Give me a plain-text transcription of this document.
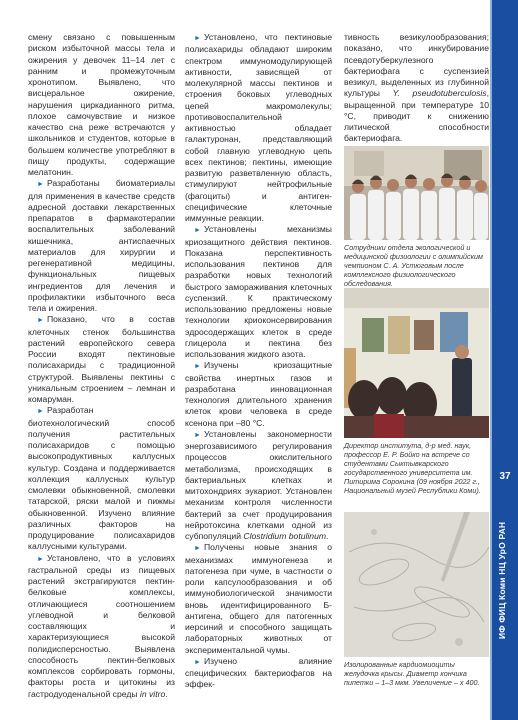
смену связано с повышенным риском избыточной массы тела и ожирения у девочек 11–14 лет с ранним и промежуточным хронотипом. Выявлено, что висцеральное ожирение, нарушения циркадианного ритма, плохое самочувствие и низкое качество сна реже встречаются у школьников и студентов, которые в большем количестве употребляют в пищу продукты, содержащие мелатонин.

► Разработаны биоматериалы для применения в качестве средств адресной доставки лекарственных препаратов в фармакотерапии воспалительных заболеваний кишечника, антиспаечных материалов для хирургии и регенеративной медицины, функциональных пищевых ингредиентов для лечения и профилактики избыточного веса тела и ожирения.

► Показано, что в состав клеточных стенок большинства растений европейского севера России входят пектиновые полисахариды с традиционной структурой. Выявлены пектины с уникальным строением – лемнан и комаруман.

► Разработан биотехнологический способ получения растительных полисахаридов с помощью высокопродуктивных каллусных культур. Создана и поддерживается коллекция каллусных культур смолевки обыкновенной, смолевки татарской, ряски малой и пижмы обыкновенной. Изучено влияние различных факторов на продуцирование полисахаридов каллусными культурами.

► Установлено, что в условиях гастральной среды из пищевых растений экстрагируются пектин-белковые комплексы, отличающиеся соотношением углеводной и белковой составляющих и характеризующиеся высокой полидисперсностью. Выявлена способность пектин-белковых комплексов сорбировать гормоны, факторы роста и цитокины из гастродуоденальной среды in vitro.

► Установлено, что пектиновые полисахариды обладают широким спектром иммуномодулирующей активности, зависящей от молекулярной массы пектинов и строения боковых углеводных цепей макромолекулы; противовоспалительной активностью обладает галактуронан, представляющий собой главную углеводную цепь всех пектинов; пектины, имеющие развитую разветвленную область, стимулируют нейтрофильные (фагоциты) и антиген-специфические клеточные иммунные реакции.

► Установлены механизмы криозащитного действия пектинов. Показана перспективность использования пектинов для разработки новых технологий быстрого замораживания клеточных суспензий. К практическому использованию предложены новые технологии криоконсервирования эдросодержащих клеток в среде глицерола и пектина без использования жидкого азота.

► Изучены криозащитные свойства инертных газов и разработана инновационная технология длительного хранения клеток крови человека в среде ксенона при –80 °C.

► Установлены закономерности энергозависимого регулирования процессов окислительного метаболизма, происходящих в бактериальных клетках и митохондриях эукариот. Установлен механизм контроля численности бактерий за счет продуцирования нейротоксина клетками одной из субпопуляций Clostridium botulinum.

► Получены новые знания о механизмах иммуногенеза и патогенеза при чуме, в частности о роли капсулообразования и об иммунобиологической значимости вновь идентифицированного Б-антигена, общего для патогенных иерсиний и способного защищать лабораторных животных от экспериментальной чумы.

► Изучено влияние специфических бактериофагов на эффек-

тивность везикулообразования; показано, что инкубирование псевдотуберкулезного бактериофага с суспензией везикул, выделенных из глубинной культуры Y. pseudotuberculosis, выращенной при температуре 10 °C, приводит к снижению литической способности бактериофага.

Сотрудники отдела экологической и медицинской физиологии с олимпийским чемпионом С. А. Устюговым после комплексного физиологического обследования.
Директор института, д-р мед. наук, профессор Е. Р. Бойко на встрече со студентами Сыктывкарского государственного университета им. Питирима Сорокина (09 ноября 2022 г., Национальный музей Республики Коми).
Изолированные кардиомиоциты желудочка крысы. Диаметр кончика пипетки – 1–3 мкм. Увеличение – х 400.
37
ИФ ФИЦ Коми НЦ УрО РАН
